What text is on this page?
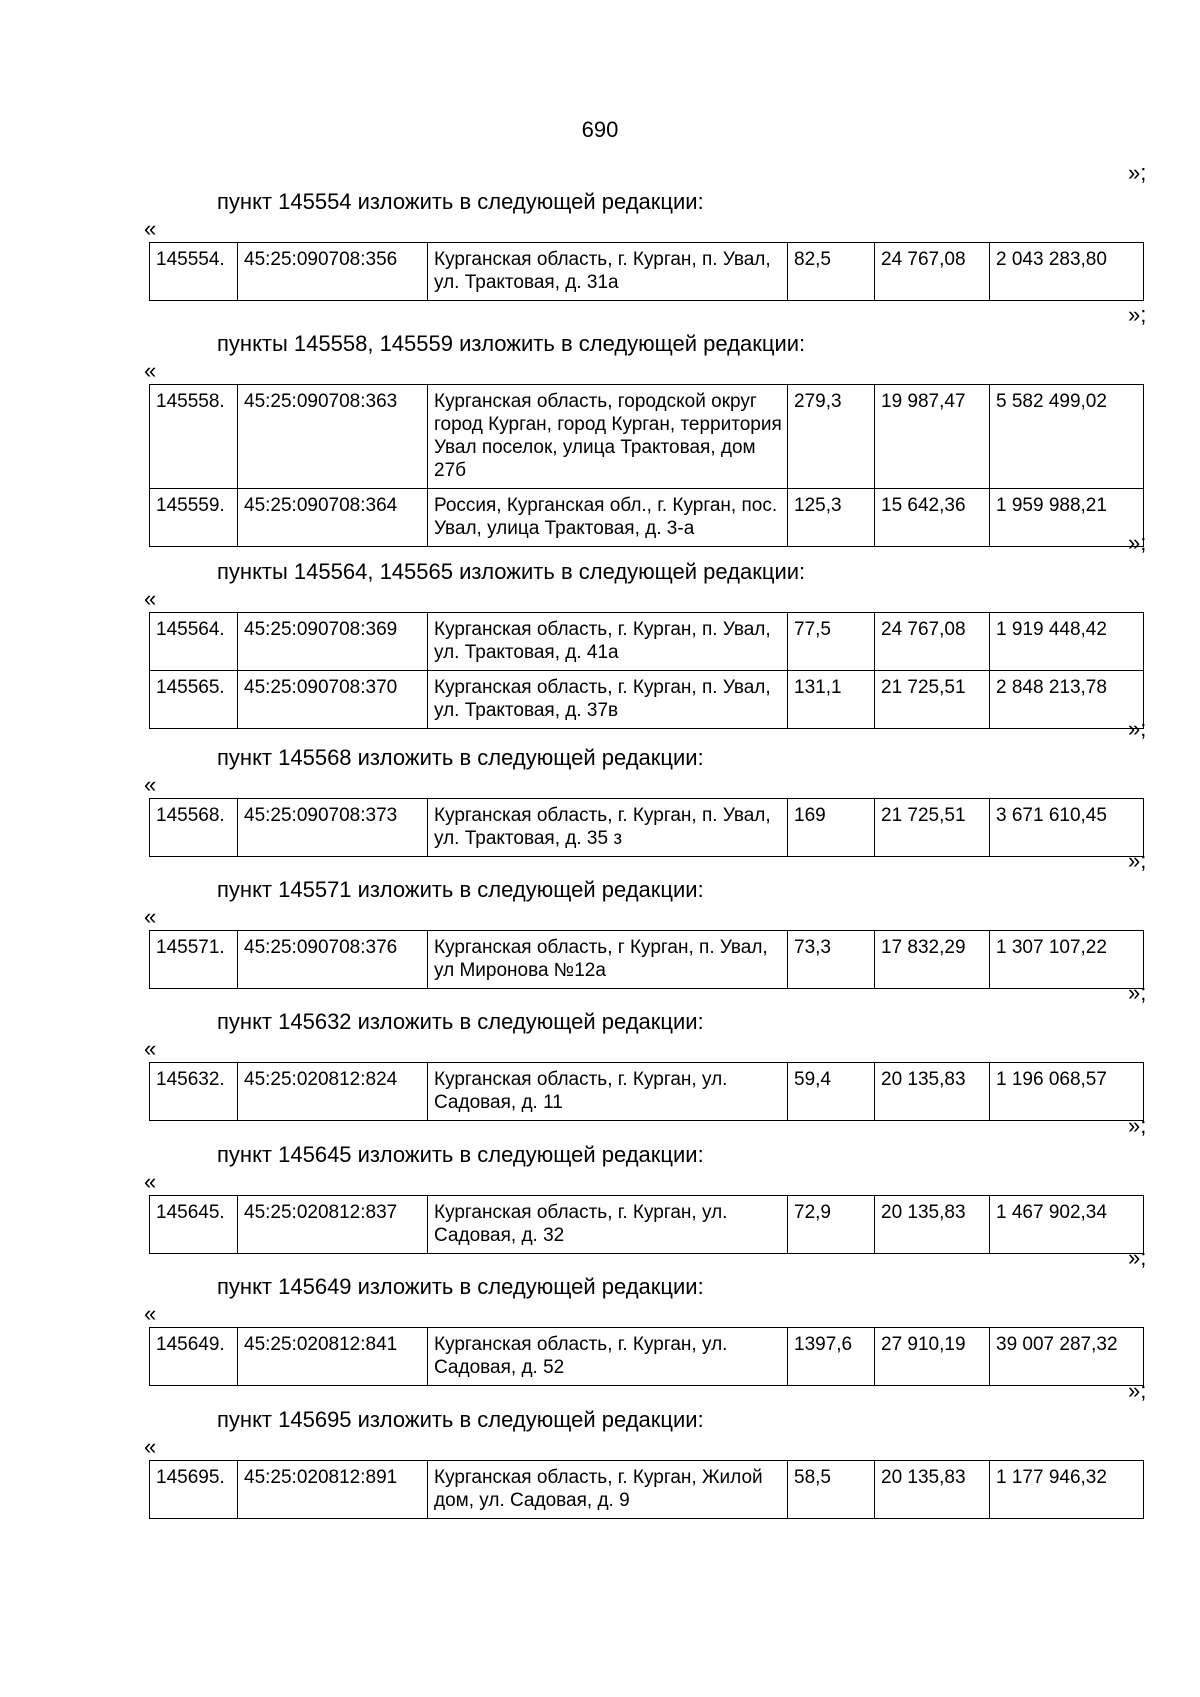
690
»;
пункт 145554 изложить в следующей редакции:
«
145554.	45:25:090708:356	Курганская область, г. Курган, п. Увал, ул. Трактовая, д. 31а	82,5	24 767,08	2 043 283,80
»;
пункты 145558, 145559 изложить в следующей редакции:
«
145558.	45:25:090708:363	Курганская область, городской округ город Курган, город Курган, территория Увал поселок, улица Трактовая, дом 27б	279,3	19 987,47	5 582 499,02
145559.	45:25:090708:364	Россия, Курганская обл., г. Курган, пос. Увал, улица Трактовая, д. 3-а	125,3	15 642,36	1 959 988,21
»;
пункты 145564, 145565 изложить в следующей редакции:
«
145564.	45:25:090708:369	Курганская область, г. Курган, п. Увал, ул. Трактовая, д. 41а	77,5	24 767,08	1 919 448,42
145565.	45:25:090708:370	Курганская область, г. Курган, п. Увал, ул. Трактовая, д. 37в	131,1	21 725,51	2 848 213,78
»;
пункт 145568 изложить в следующей редакции:
«
145568.	45:25:090708:373	Курганская область, г. Курган, п. Увал, ул. Трактовая, д. 35 з	169	21 725,51	3 671 610,45
»;
пункт 145571 изложить в следующей редакции:
«
145571.	45:25:090708:376	Курганская область, г Курган, п. Увал, ул Миронова №12а	73,3	17 832,29	1 307 107,22
»;
пункт 145632 изложить в следующей редакции:
«
145632.	45:25:020812:824	Курганская область, г. Курган, ул. Садовая, д. 11	59,4	20 135,83	1 196 068,57
»;
пункт 145645 изложить в следующей редакции:
«
145645.	45:25:020812:837	Курганская область, г. Курган, ул. Садовая, д. 32	72,9	20 135,83	1 467 902,34
»;
пункт 145649 изложить в следующей редакции:
«
145649.	45:25:020812:841	Курганская область, г. Курган, ул. Садовая, д. 52	1397,6	27 910,19	39 007 287,32
»;
пункт 145695 изложить в следующей редакции:
«
145695.	45:25:020812:891	Курганская область, г. Курган, Жилой дом, ул. Садовая, д. 9	58,5	20 135,83	1 177 946,32
